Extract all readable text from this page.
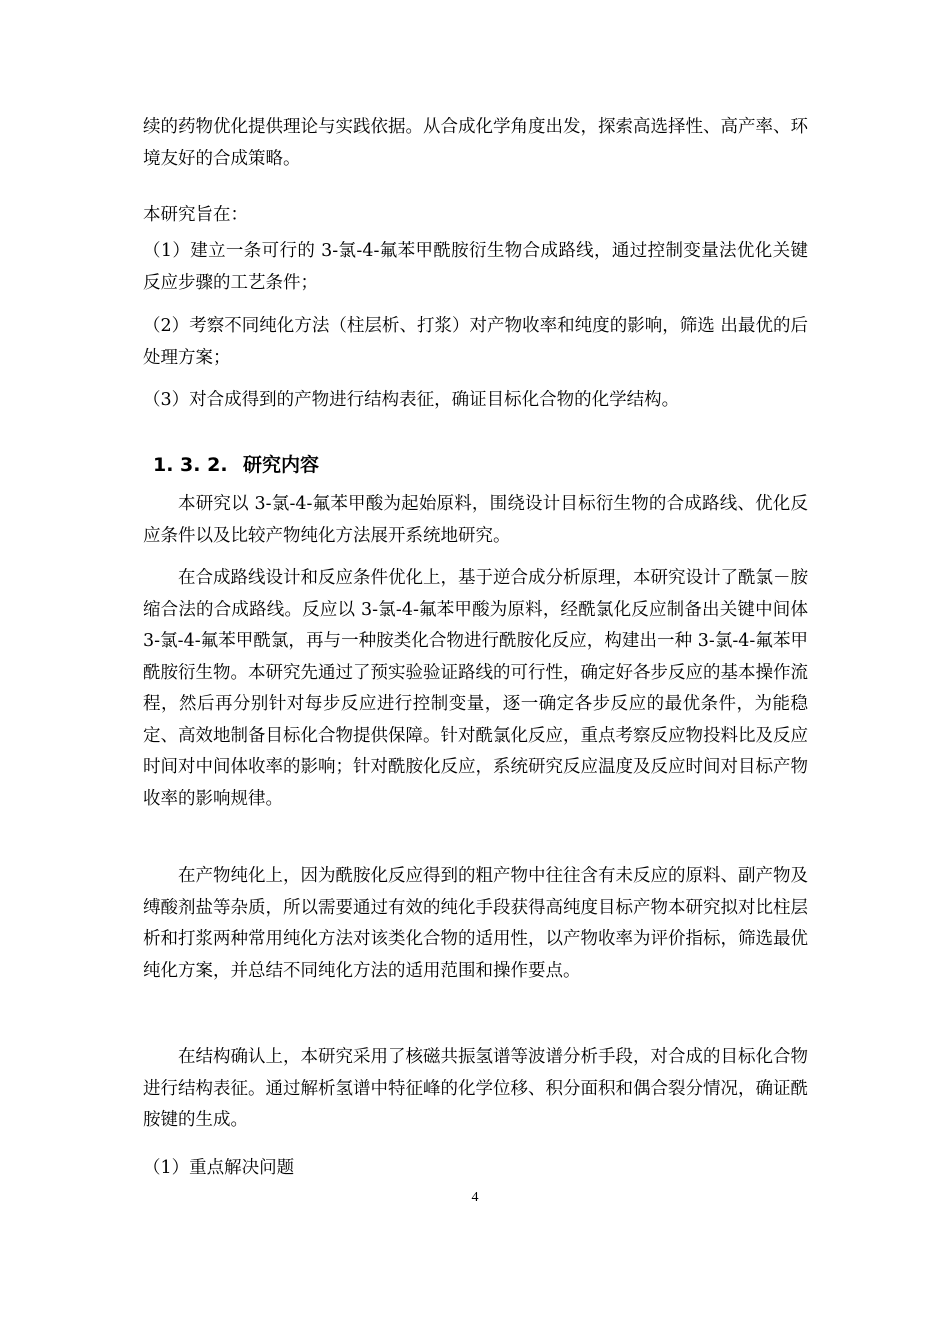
续的药物优化提供理论与实践依据。从合成化学角度出发，探索高选择性、高产率、环境友好的合成策略。

本研究旨在：

（1）建立一条可行的 3-氯-4-氟苯甲酰胺衍生物合成路线，通过控制变量法优化关键反应步骤的工艺条件；

（2）考察不同纯化方法（柱层析、打浆）对产物收率和纯度的影响，筛选 出最优的后处理方案；

（3）对合成得到的产物进行结构表征，确证目标化合物的化学结构。

1. 3. 2. 研究内容

本研究以 3-氯-4-氟苯甲酸为起始原料，围绕设计目标衍生物的合成路线、优化反应条件以及比较产物纯化方法展开系统地研究。

在合成路线设计和反应条件优化上，基于逆合成分析原理，本研究设计了酰氯－胺缩合法的合成路线。反应以 3-氯-4-氟苯甲酸为原料，经酰氯化反应制备出关键中间体 3-氯-4-氟苯甲酰氯，再与一种胺类化合物进行酰胺化反应，构建出一种 3-氯-4-氟苯甲酰胺衍生物。本研究先通过了预实验验证路线的可行性，确定好各步反应的基本操作流程，然后再分别针对每步反应进行控制变量，逐一确定各步反应的最优条件，为能稳定、高效地制备目标化合物提供保障。针对酰氯化反应，重点考察反应物投料比及反应时间对中间体收率的影响；针对酰胺化反应，系统研究反应温度及反应时间对目标产物收率的影响规律。

在产物纯化上，因为酰胺化反应得到的粗产物中往往含有未反应的原料、副产物及缚酸剂盐等杂质，所以需要通过有效的纯化手段获得高纯度目标产物本研究拟对比柱层析和打浆两种常用纯化方法对该类化合物的适用性，以产物收率为评价指标，筛选最优纯化方案，并总结不同纯化方法的适用范围和操作要点。

在结构确认上，本研究采用了核磁共振氢谱等波谱分析手段，对合成的目标化合物进行结构表征。通过解析氢谱中特征峰的化学位移、积分面积和偶合裂分情况，确证酰胺键的生成。

（1）重点解决问题

4
